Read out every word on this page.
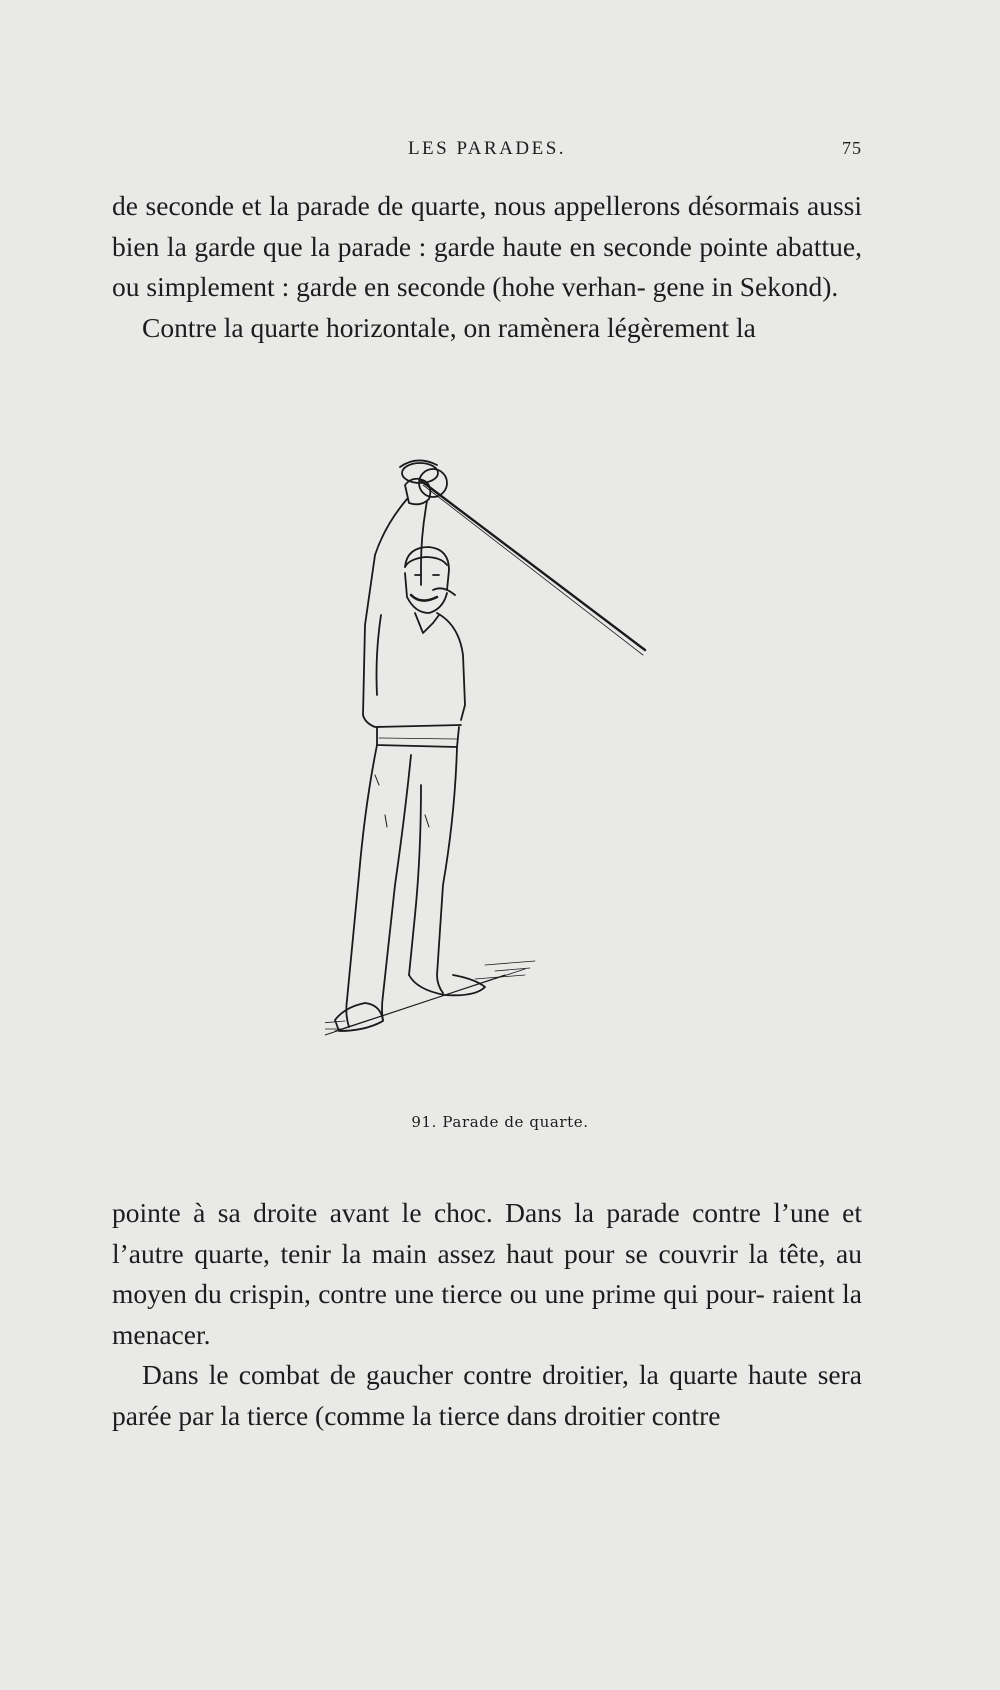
LES PARADES.	75

de seconde et la parade de quarte, nous appellerons désormais aussi bien la garde que la parade : garde haute en seconde pointe abattue, ou simplement : garde en seconde (hohe verhan- gene in Sekond).

Contre la quarte horizontale, on ramènera légèrement la

91. Parade de quarte.

pointe à sa droite avant le choc. Dans la parade contre l’une et l’autre quarte, tenir la main assez haut pour se couvrir la tête, au moyen du crispin, contre une tierce ou une prime qui pour- raient la menacer.

Dans le combat de gaucher contre droitier, la quarte haute sera parée par la tierce (comme la tierce dans droitier contre
